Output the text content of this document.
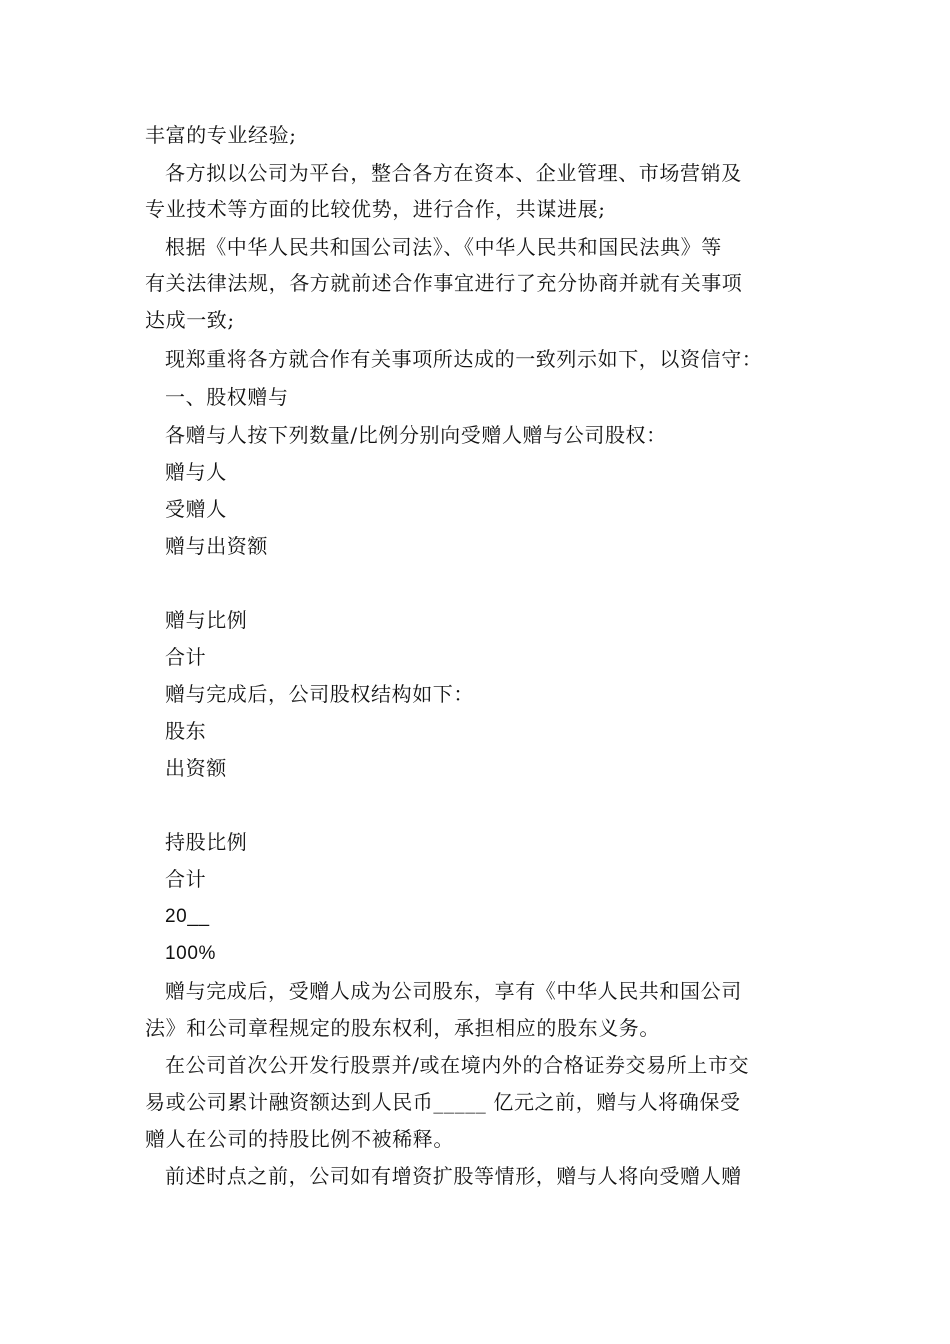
丰富的专业经验;
各方拟以公司为平台，整合各方在资本、企业管理、市场营销及
专业技术等方面的比较优势，进行合作，共谋进展;
根据《中华人民共和国公司法》、《中华人民共和国民法典》等
有关法律法规，各方就前述合作事宜进行了充分协商并就有关事项
达成一致;
现郑重将各方就合作有关事项所达成的一致列示如下，以资信守：
一、股权赠与
各赠与人按下列数量/比例分别向受赠人赠与公司股权：
赠与人
受赠人
赠与出资额
赠与比例
合计
赠与完成后，公司股权结构如下：
股东
出资额
持股比例
合计
20__
100%
赠与完成后，受赠人成为公司股东，享有《中华人民共和国公司
法》和公司章程规定的股东权利，承担相应的股东义务。
在公司首次公开发行股票并/或在境内外的合格证券交易所上市交
易或公司累计融资额达到人民币_____ 亿元之前，赠与人将确保受
赠人在公司的持股比例不被稀释。
前述时点之前，公司如有增资扩股等情形，赠与人将向受赠人赠
